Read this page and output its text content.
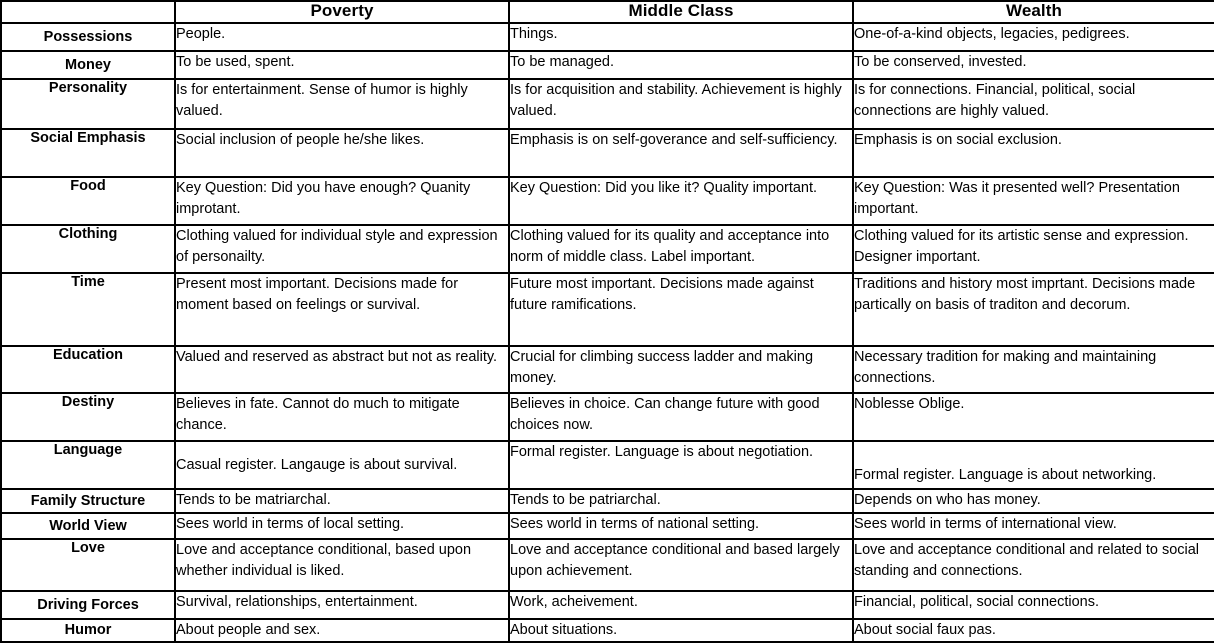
	Poverty	Middle Class	Wealth

Possessions	People.	Things.	One-of-a-kind objects, legacies, pedigrees.

Money	To be used, spent.	To be managed.	To be conserved, invested.

Personality	Is for entertainment. Sense of humor is highly valued.	Is for acquisition and stability. Achievement is highly valued.	Is for connections. Financial, political, social connections are highly valued.

Social Emphasis	Social inclusion of people he/she likes.	Emphasis is on self-goverance and self-sufficiency.	Emphasis is on social exclusion.

Food	Key Question: Did you have enough? Quanity improtant.	Key Question: Did you like it? Quality important.	Key Question: Was it presented well? Presentation important.

Clothing	Clothing valued for individual style and expression of personailty.	Clothing valued for its quality and acceptance into norm of middle class. Label important.	Clothing valued for its artistic sense and expression. Designer important.

Time	Present most important. Decisions made for moment based on feelings or survival.	Future most important. Decisions made against future ramifications.	Traditions and history most imprtant. Decisions made partically on basis of traditon and decorum.

Education	Valued and reserved as abstract but not as reality.	Crucial for climbing success ladder and making money.	Necessary tradition for making and maintaining connections.

Destiny	Believes in fate. Cannot do much to mitigate chance.	Believes in choice. Can change future with good choices now.	Noblesse Oblige.

Language	Casual register. Langauge is about survival.	Formal register. Language is about negotiation.	Formal register. Language is about networking.

Family Structure	Tends to be matriarchal.	Tends to be patriarchal.	Depends on who has money.

World View	Sees world in terms of local setting.	Sees world in terms of national setting.	Sees world in terms of international view.

Love	Love and acceptance conditional, based upon whether individual is liked.	Love and acceptance conditional and based largely upon achievement.	Love and acceptance conditional and related to social standing and connections.

Driving Forces	Survival, relationships, entertainment.	Work, acheivement.	Financial, political, social connections.

Humor	About people and sex.	About situations.	About social faux pas.
